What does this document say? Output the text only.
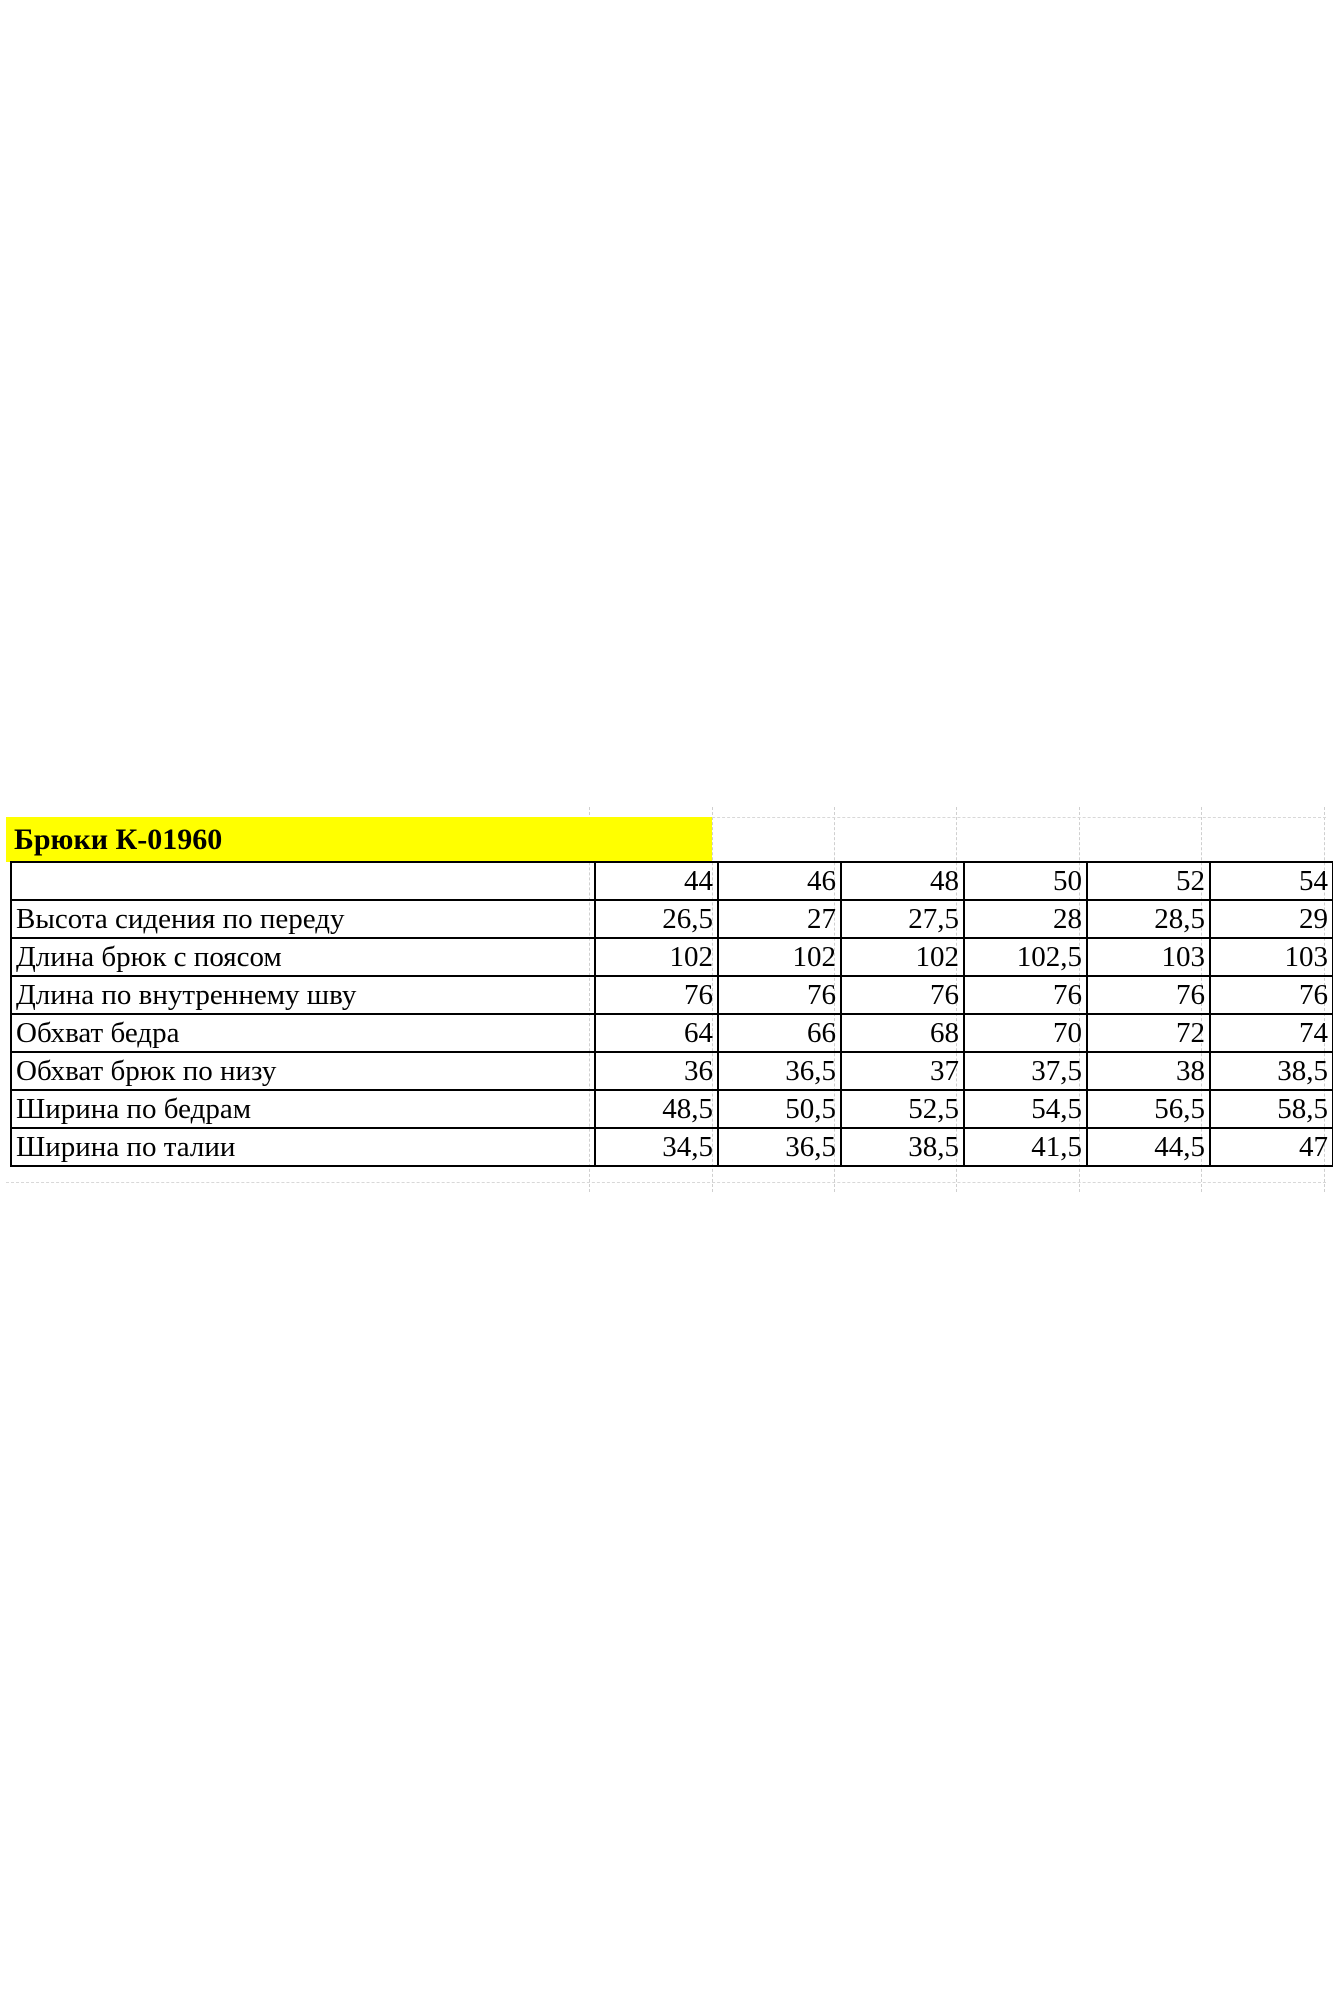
Брюки К-01960
	44	46	48	50	52	54
Высота сидения по переду	26,5	27	27,5	28	28,5	29
Длина брюк с поясом	102	102	102	102,5	103	103
Длина по внутреннему шву	76	76	76	76	76	76
Обхват бедра	64	66	68	70	72	74
Обхват брюк по низу	36	36,5	37	37,5	38	38,5
Ширина по бедрам	48,5	50,5	52,5	54,5	56,5	58,5
Ширина по талии	34,5	36,5	38,5	41,5	44,5	47
